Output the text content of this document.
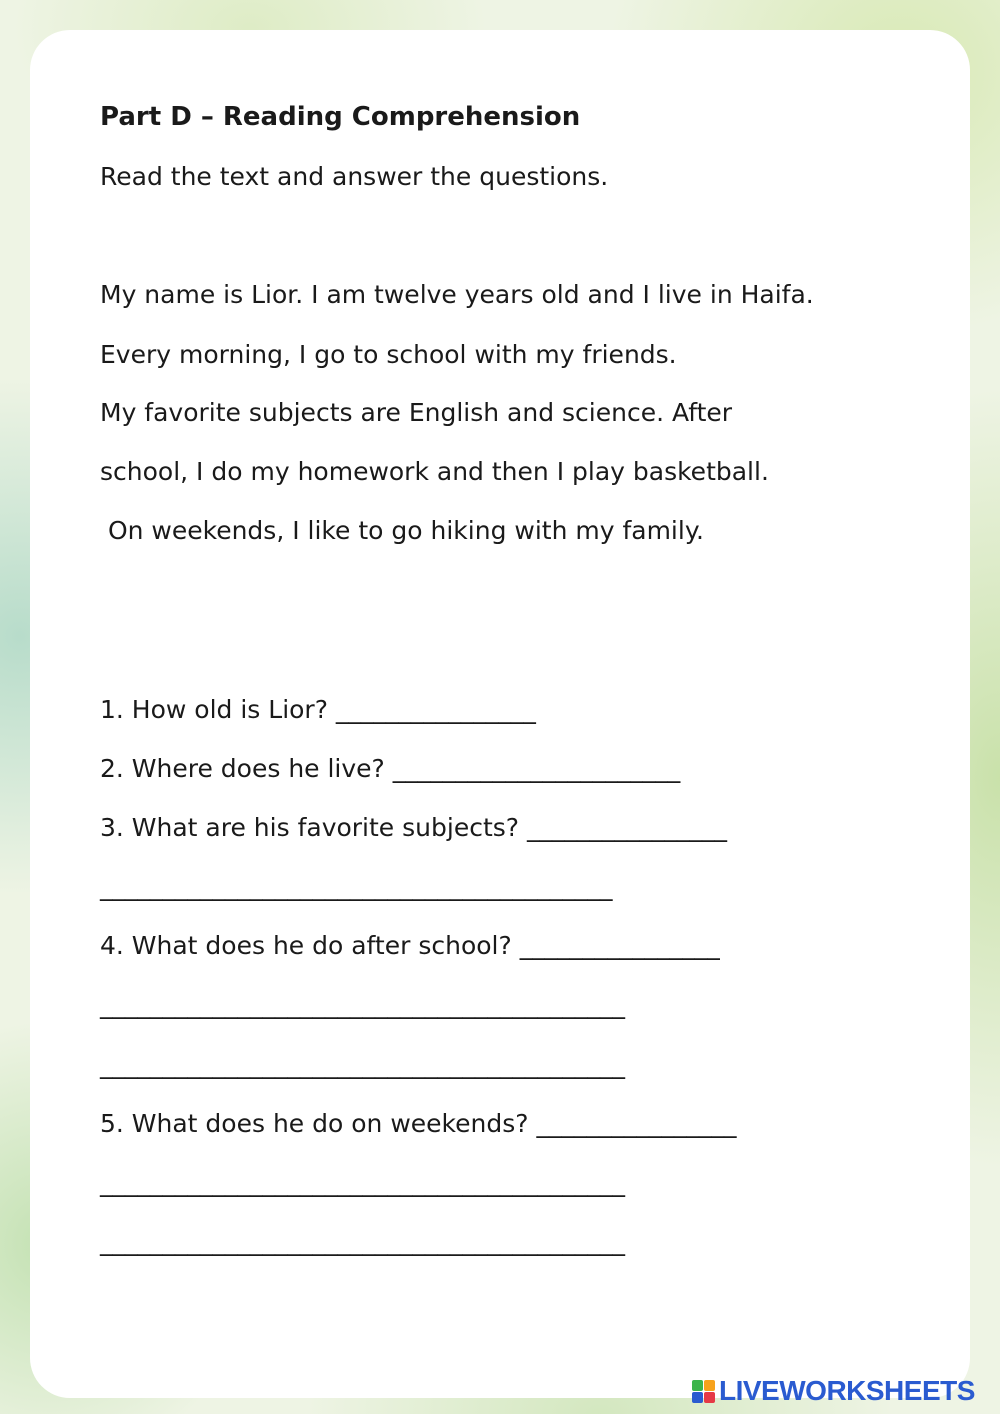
Part D – Reading Comprehension

Read the text and answer the questions.

My name is Lior. I am twelve years old and I live in Haifa.

Every morning, I go to school with my friends.

My favorite subjects are English and science. After

school, I do my homework and then I play basketball.

On weekends, I like to go hiking with my family.

1. How old is Lior? ________________

2. Where does he live? _______________________

3. What are his favorite subjects? ________________

_________________________________________

4. What does he do after school? ________________

__________________________________________

__________________________________________

5. What does he do on weekends? ________________

__________________________________________

__________________________________________

LIVEWORKSHEETS
